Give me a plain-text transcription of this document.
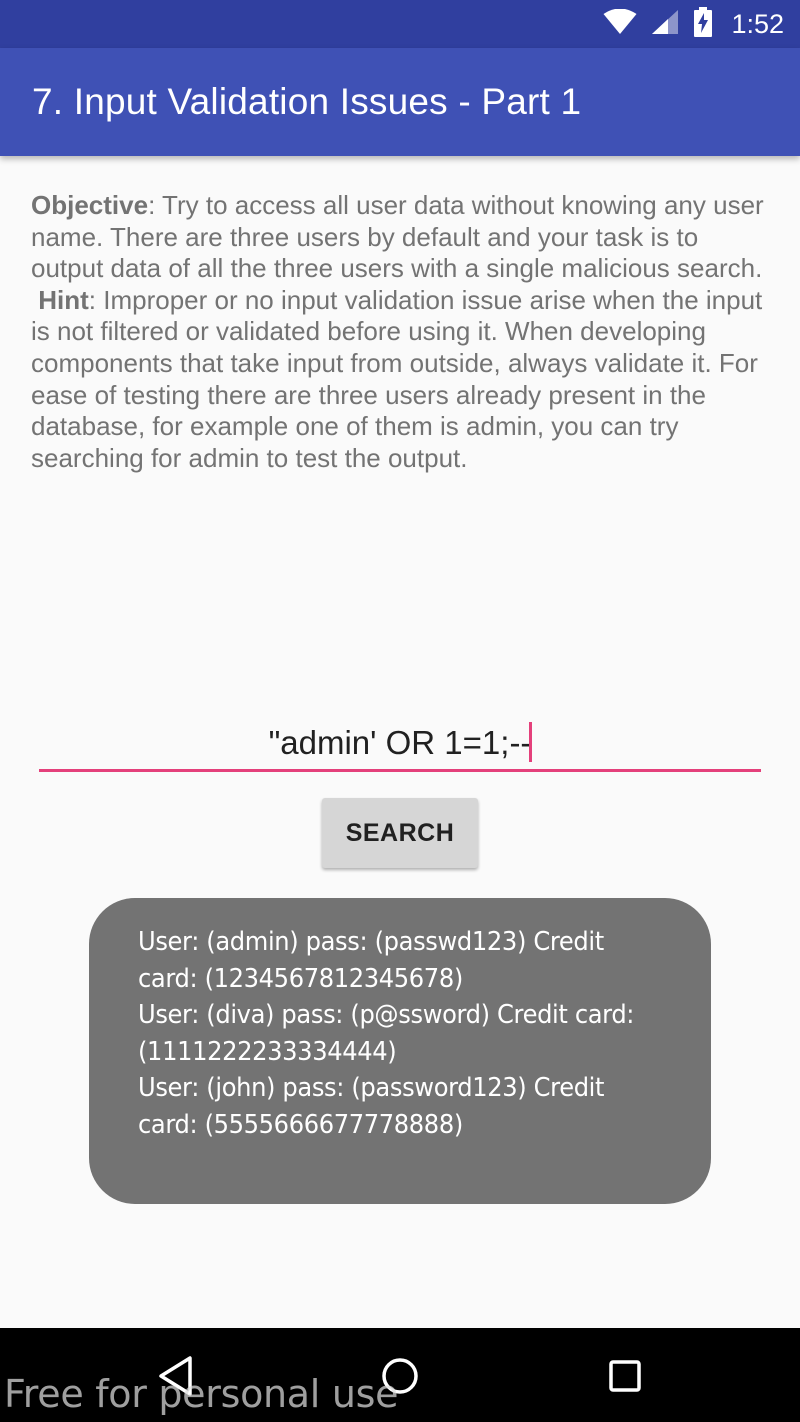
1:52
7. Input Validation Issues - Part 1
Objective: Try to access all user data without knowing any user name. There are three users by default and your task is to output data of all the three users with a single malicious search.
Hint: Improper or no input validation issue arise when the input is not filtered or validated before using it. When developing components that take input from outside, always validate it. For ease of testing there are three users already present in the database, for example one of them is admin, you can try searching for admin to test the output.
"admin' OR 1=1;--
SEARCH
User: (admin) pass: (passwd123) Credit card: (1234567812345678)
User: (diva) pass: (p@ssword) Credit card: (1111222233334444)
User: (john) pass: (password123) Credit card: (5555666677778888)
Free for personal use
